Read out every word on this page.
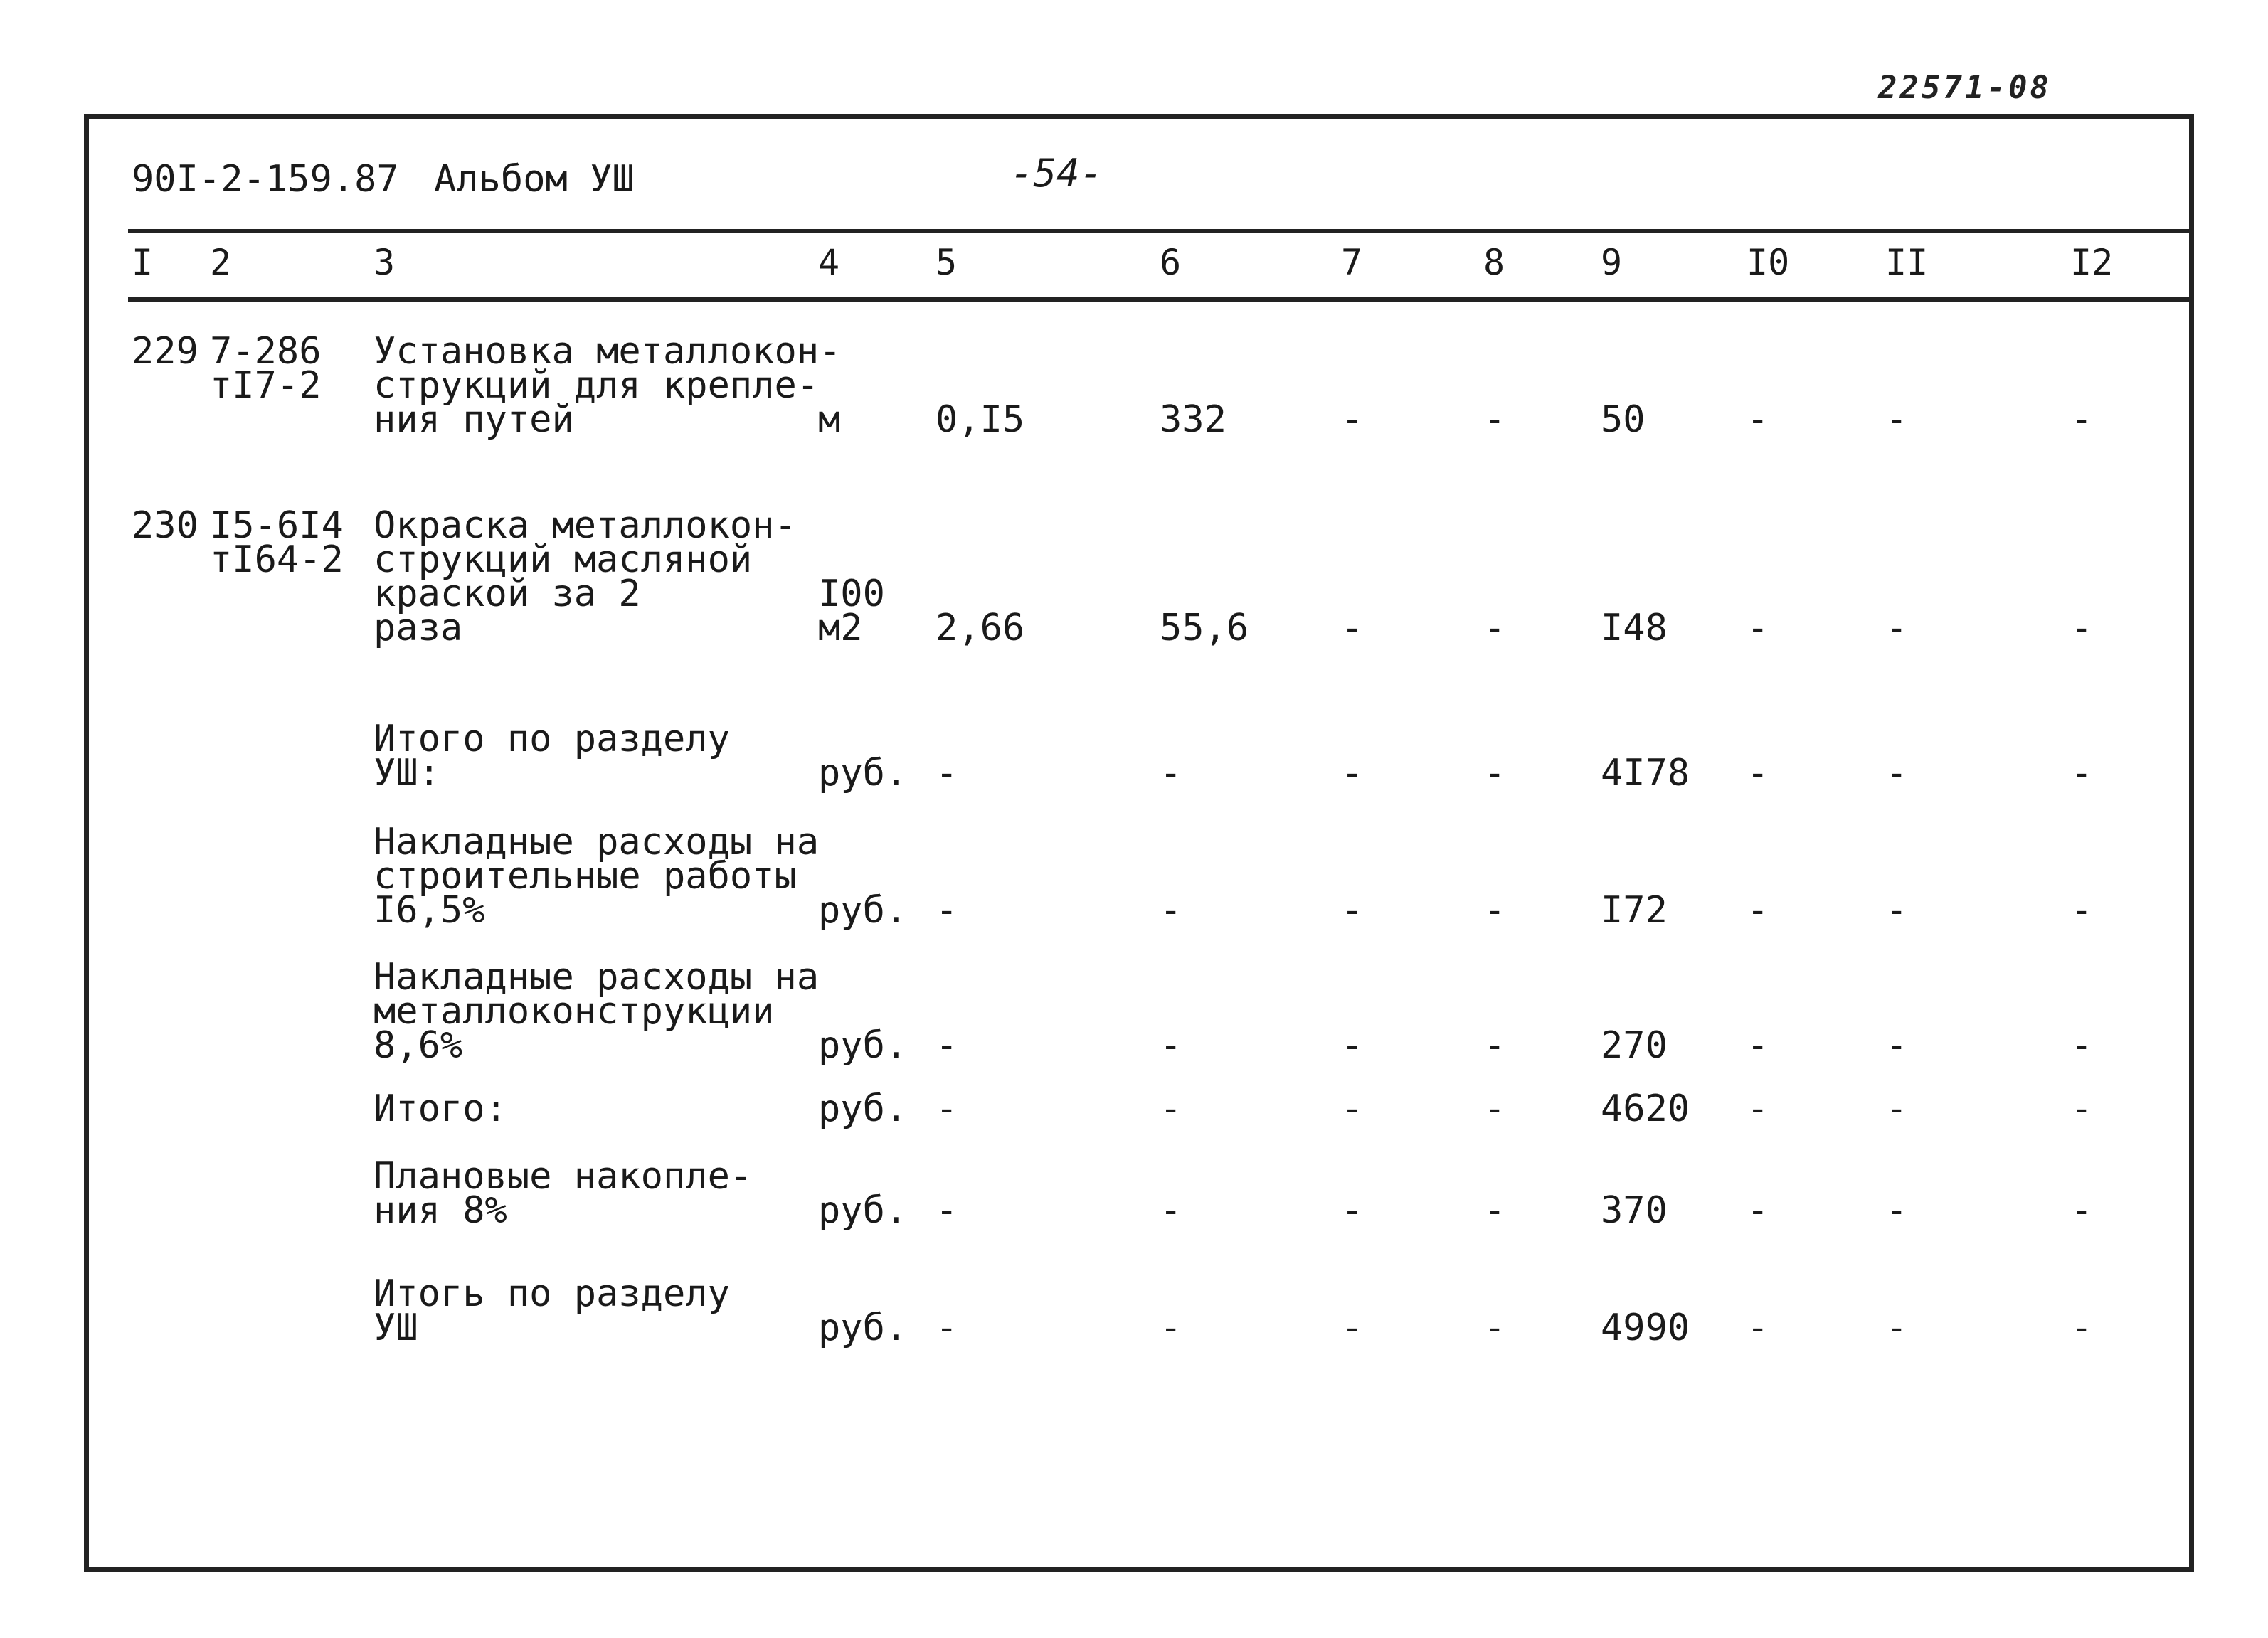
22571-08
90I-2-159.87 Альбом УШ	-54-
I 2	3	4	5	6	7	8	9	I0	II	I2
229 7-286
тI7-2
Установка металлокон-
струкций для крепле-
ния путей	м	0,I5	332	-	-	50	-	-	-
230 I5-6I4
тI64-2
Окраска металлокон-
струкций масляной
краской за 2
раза
I00
м2 2,66	55,6 -	-	I48 -	-	-
Итого по разделу
УШ:	руб. -	-	-	-	4I78 -	-	-
Накладные расходы на
строительные работы
I6,5%	руб. -	-	-	-	I72 -	-	-
Накладные расходы на
металлоконструкции
8,6%	руб. -	-	-	-	270 -	-	-
Итого:	руб. -	-	-	-	4620 -	-	-
Плановые накопле-
ния 8%	руб. -	-	-	-	370 -	-	-
Итогь по разделу
УШ	руб. -	-	-	-	4990 -	-	-
